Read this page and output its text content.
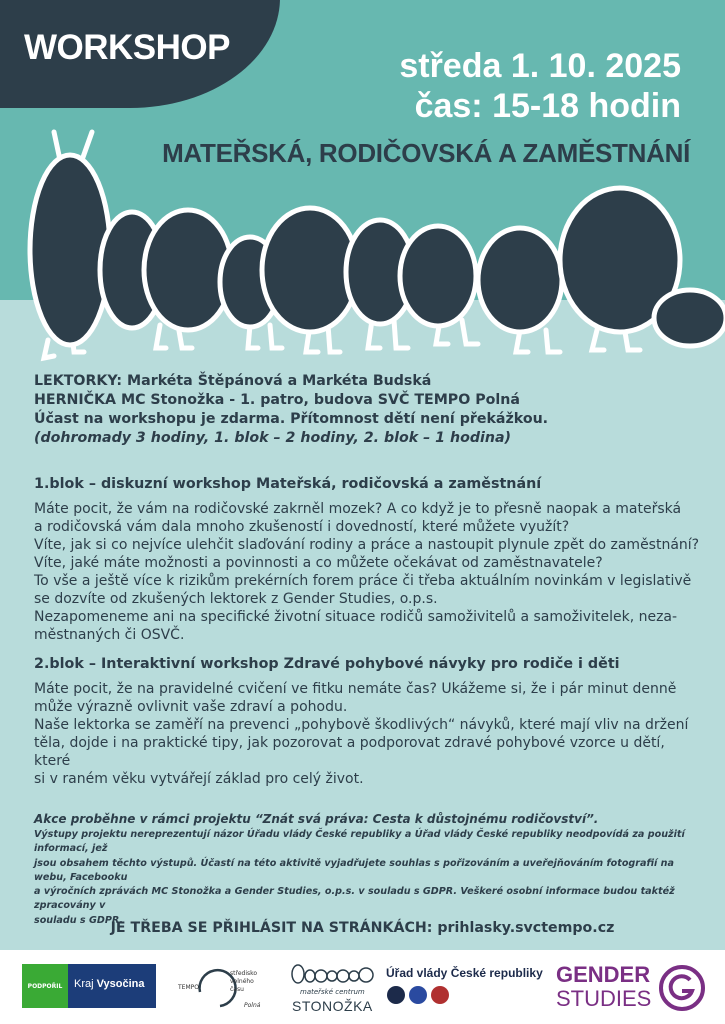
WORKSHOP	středa 1. 10. 2025
čas: 15-18 hodin
MATEŘSKÁ, RODIČOVSKÁ A ZAMĚSTNÁNÍ

LEKTORKY: Markéta Štěpánová a Markéta Budská

HERNIČKA MC Stonožka - 1. patro, budova SVČ TEMPO Polná

Účast na workshopu je zdarma. Přítomnost dětí není překážkou.

(dohromady 3 hodiny, 1. blok – 2 hodiny, 2. blok – 1 hodina)

1.blok – diskuzní workshop Mateřská, rodičovská a zaměstnání

Máte pocit, že vám na rodičovské zakrněl mozek? A co když je to přesně naopak a mateřská

a rodičovská vám dala mnoho zkušeností i dovedností, které můžete využít?

Víte, jak si co nejvíce ulehčit slaďování rodiny a práce a nastoupit plynule zpět do zaměstnání?

Víte, jaké máte možnosti a povinnosti a co můžete očekávat od zaměstnavatele?

To vše a ještě více k rizikům prekérních forem práce či třeba aktuálním novinkám v legislativě

se dozvíte od zkušených lektorek z Gender Studies, o.p.s.

Nezapomeneme ani na specifické životní situace rodičů samoživitelů a samoživitelek, neza-

městnaných či OSVČ.

2.blok – Interaktivní workshop Zdravé pohybové návyky pro rodiče i děti

Máte pocit, že na pravidelné cvičení ve fitku nemáte čas? Ukážeme si, že i pár minut denně

může výrazně ovlivnit vaše zdraví a pohodu.

Naše lektorka se zaměří na prevenci „pohybově škodlivých“ návyků, které mají vliv na držení

těla, dojde i na praktické tipy, jak pozorovat a podporovat zdravé pohybové vzorce u dětí, které

si v raném věku vytvářejí základ pro celý život.

Akce proběhne v rámci projektu “Znát svá práva: Cesta k důstojnému rodičovství”.

Výstupy projektu nereprezentují názor Úřadu vlády České republiky a Úřad vlády České republiky neodpovídá za použití informací, jež

jsou obsahem těchto výstupů. Účastí na této aktivitě vyjadřujete souhlas s pořizováním a uveřejňováním fotografií na webu, Facebooku

a výročních zprávách MC Stonožka a Gender Studies, o.p.s. v souladu s GDPR. Veškeré osobní informace budou taktéž zpracovány v

souladu s GDPR.

JE TŘEBA SE PŘIHLÁSIT NA STRÁNKÁCH: prihlasky.svctempo.cz
PODPOŘIL	Kraj Vysočina	TEMPO
středisko
volného
času
Polná
mateřské centrum
STONOŽKA
Úřad vlády České republiky GENDER
STUDIES
